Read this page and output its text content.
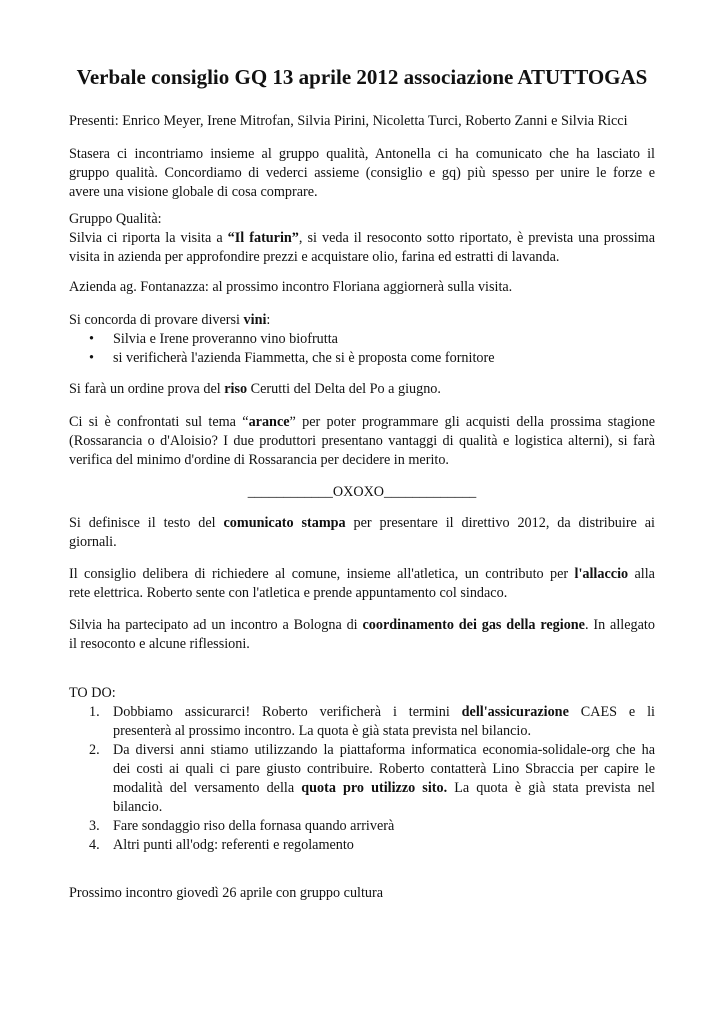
Verbale consiglio GQ 13 aprile 2012 associazione ATUTTOGAS
Presenti: Enrico Meyer, Irene Mitrofan, Silvia Pirini, Nicoletta Turci, Roberto Zanni e Silvia Ricci
Stasera ci incontriamo insieme al gruppo qualità, Antonella ci ha comunicato che ha lasciato il
gruppo qualità. Concordiamo di vederci assieme (consiglio e gq) più spesso per unire le forze e
avere una visione globale di cosa comprare.
Gruppo Qualità:
Silvia ci riporta la visita a “Il faturin”, si veda il resoconto sotto riportato, è prevista una prossima
visita in azienda per approfondire prezzi e acquistare olio, farina ed estratti di lavanda.
Azienda ag. Fontanazza: al prossimo incontro Floriana aggiornerà sulla visita.
Si concorda di provare diversi vini:
• Silvia e Irene proveranno vino biofrutta
• si verificherà l'azienda Fiammetta, che si è proposta come fornitore
Si farà un ordine prova del riso Cerutti del Delta del Po a giugno.
Ci si è confrontati sul tema “arance” per poter programmare gli acquisti della prossima stagione
(Rossarancia o d'Aloisio? I due produttori presentano vantaggi di qualità e logistica alterni), si farà
verifica del minimo d'ordine di Rossarancia per decidere in merito.
____________OXOXO_____________
Si definisce il testo del comunicato stampa per presentare il direttivo 2012, da distribuire ai
giornali.
Il consiglio delibera di richiedere al comune, insieme all'atletica, un contributo per l'allaccio alla
rete elettrica. Roberto sente con l'atletica e prende appuntamento col sindaco.
Silvia ha partecipato ad un incontro a Bologna di coordinamento dei gas della regione. In allegato
il resoconto e alcune riflessioni.
TO DO:
1. Dobbiamo assicurarci! Roberto verificherà i termini dell'assicurazione CAES e li
presenterà al prossimo incontro. La quota è già stata prevista nel bilancio.
2. Da diversi anni stiamo utilizzando la piattaforma informatica economia-solidale-org che ha
dei costi ai quali ci pare giusto contribuire. Roberto contatterà Lino Sbraccia per capire le
modalità del versamento della quota pro utilizzo sito. La quota è già stata prevista nel
bilancio.
3. Fare sondaggio riso della fornasa quando arriverà
4. Altri punti all'odg: referenti e regolamento
Prossimo incontro giovedì 26 aprile con gruppo cultura
